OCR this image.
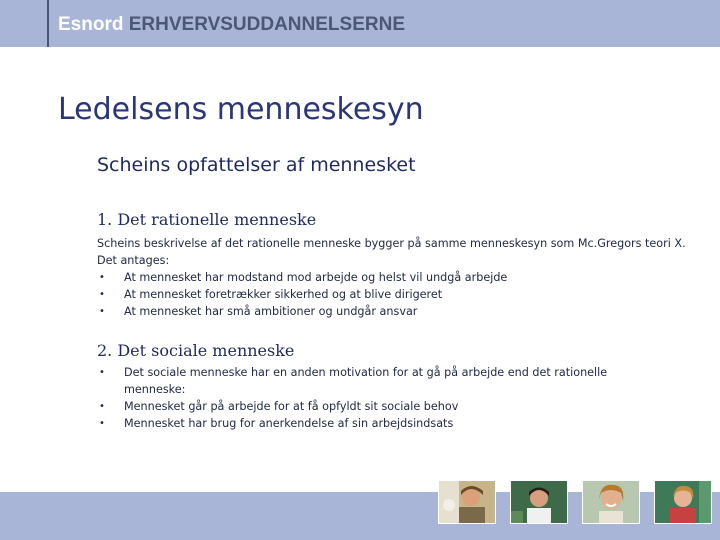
Esnord ERHVERVSUDDANNELSERNE
Ledelsens menneskesyn
Scheins opfattelser af mennesket
1. Det rationelle menneske
Scheins beskrivelse af det rationelle menneske bygger på samme menneskesyn som Mc.Gregors teori X. Det antages:
• At mennesket har modstand mod arbejde og helst vil undgå arbejde
• At mennesket foretrækker sikkerhed og at blive dirigeret
• At mennesket har små ambitioner og undgår ansvar
2. Det sociale menneske
• Det sociale menneske har en anden motivation for at gå på arbejde end det rationelle menneske:
• Mennesket går på arbejde for at få opfyldt sit sociale behov
• Mennesket har brug for anerkendelse af sin arbejdsindsats
